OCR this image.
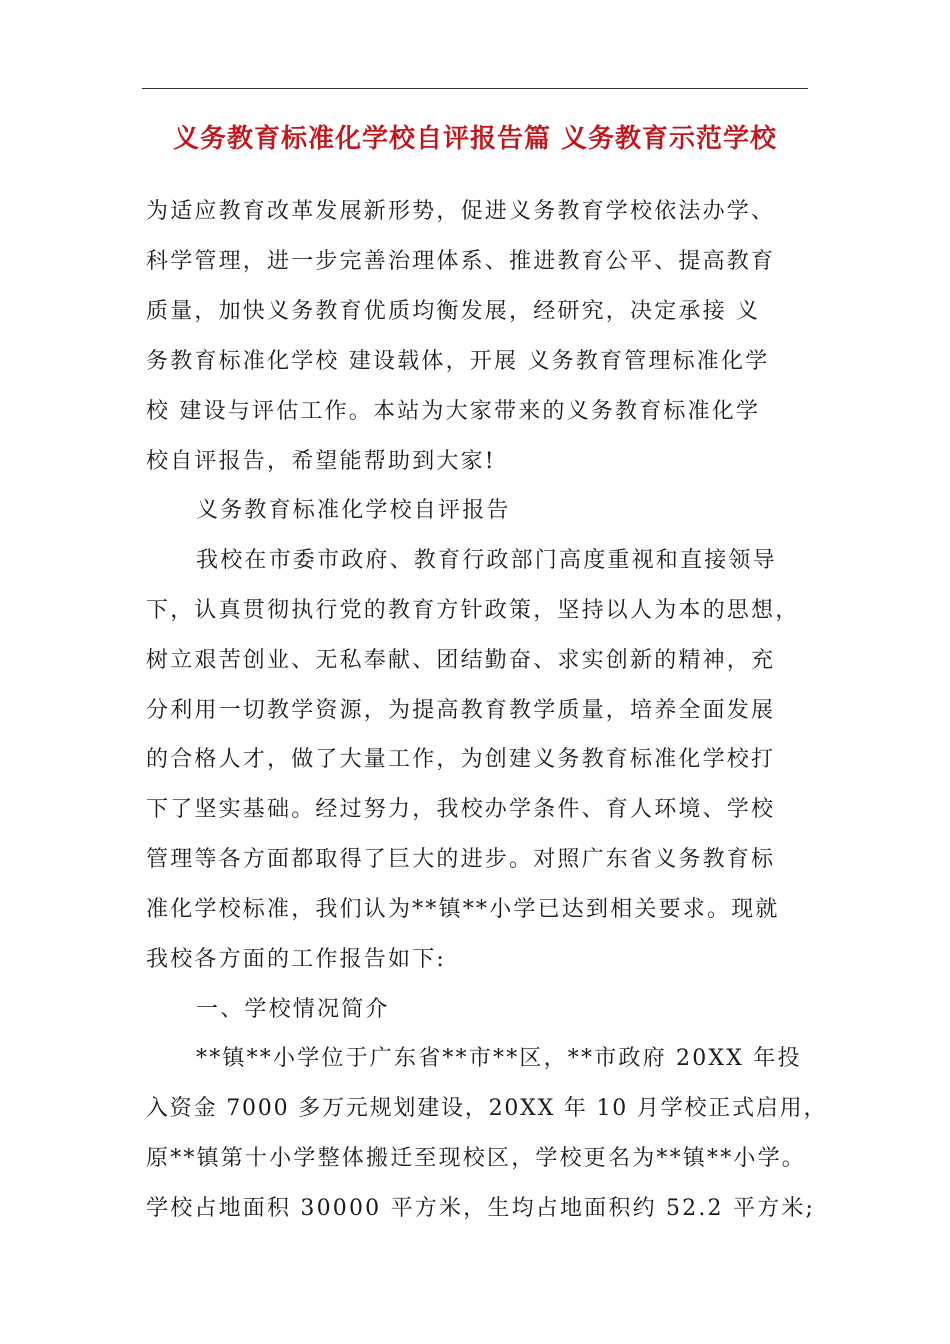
义务教育标准化学校自评报告篇 义务教育示范学校
为适应教育改革发展新形势，促进义务教育学校依法办学、
科学管理，进一步完善治理体系、推进教育公平、提高教育
质量，加快义务教育优质均衡发展，经研究，决定承接 义
务教育标准化学校 建设载体，开展 义务教育管理标准化学
校 建设与评估工作。本站为大家带来的义务教育标准化学
校自评报告，希望能帮助到大家!
义务教育标准化学校自评报告
我校在市委市政府、教育行政部门高度重视和直接领导
下，认真贯彻执行党的教育方针政策，坚持以人为本的思想，
树立艰苦创业、无私奉献、团结勤奋、求实创新的精神，充
分利用一切教学资源，为提高教育教学质量，培养全面发展
的合格人才，做了大量工作，为创建义务教育标准化学校打
下了坚实基础。经过努力，我校办学条件、育人环境、学校
管理等各方面都取得了巨大的进步。对照广东省义务教育标
准化学校标准，我们认为**镇**小学已达到相关要求。现就
我校各方面的工作报告如下:
一、学校情况简介
**镇**小学位于广东省**市**区，**市政府 20XX 年投
入资金 7000 多万元规划建设，20XX 年 10 月学校正式启用，
原**镇第十小学整体搬迁至现校区，学校更名为**镇**小学。
学校占地面积 30000 平方米，生均占地面积约 52.2 平方米;
